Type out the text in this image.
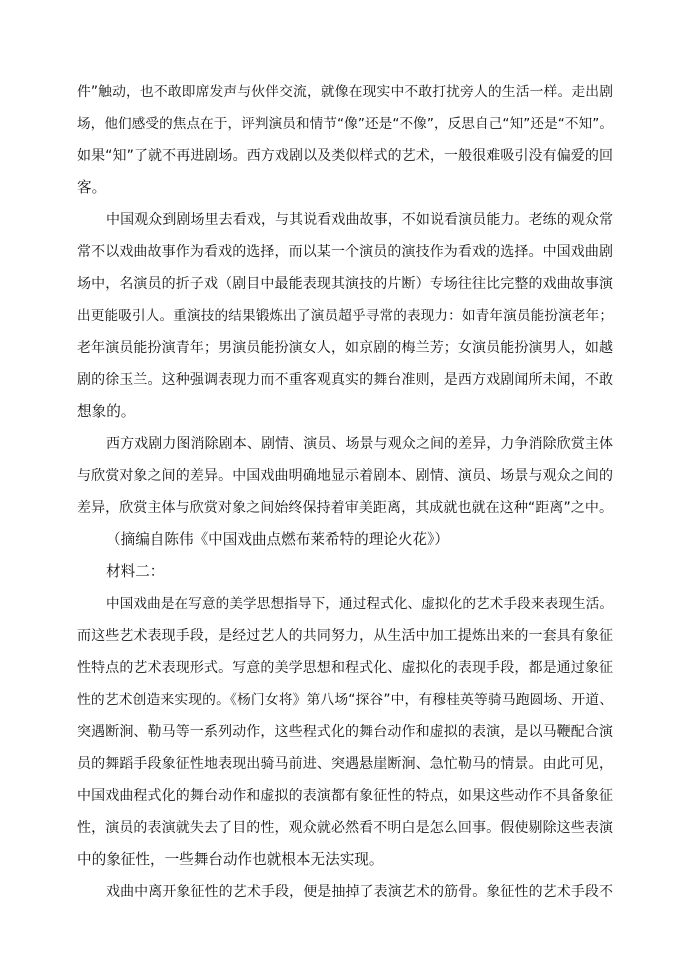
件”触动，也不敢即席发声与伙伴交流，就像在现实中不敢打扰旁人的生活一样。走出剧
场，他们感受的焦点在于，评判演员和情节“像”还是“不像”，反思自己“知”还是“不知”。
如果“知”了就不再进剧场。西方戏剧以及类似样式的艺术，一般很难吸引没有偏爱的回
客。
中国观众到剧场里去看戏，与其说看戏曲故事，不如说看演员能力。老练的观众常
常不以戏曲故事作为看戏的选择，而以某一个演员的演技作为看戏的选择。中国戏曲剧
场中，名演员的折子戏（剧目中最能表现其演技的片断）专场往往比完整的戏曲故事演
出更能吸引人。重演技的结果锻炼出了演员超乎寻常的表现力：如青年演员能扮演老年；
老年演员能扮演青年；男演员能扮演女人，如京剧的梅兰芳；女演员能扮演男人，如越
剧的徐玉兰。这种强调表现力而不重客观真实的舞台准则，是西方戏剧闻所未闻，不敢
想象的。
西方戏剧力图消除剧本、剧情、演员、场景与观众之间的差异，力争消除欣赏主体
与欣赏对象之间的差异。中国戏曲明确地显示着剧本、剧情、演员、场景与观众之间的
差异，欣赏主体与欣赏对象之间始终保持着审美距离，其成就也就在这种“距离”之中。
（摘编自陈伟《中国戏曲点燃布莱希特的理论火花》）
材料二：
中国戏曲是在写意的美学思想指导下，通过程式化、虚拟化的艺术手段来表现生活。
而这些艺术表现手段，是经过艺人的共同努力，从生活中加工提炼出来的一套具有象征
性特点的艺术表现形式。写意的美学思想和程式化、虚拟化的表现手段，都是通过象征
性的艺术创造来实现的。《杨门女将》第八场“探谷”中，有穆桂英等骑马跑圆场、开道、
突遇断涧、勒马等一系列动作，这些程式化的舞台动作和虚拟的表演，是以马鞭配合演
员的舞蹈手段象征性地表现出骑马前进、突遇悬崖断涧、急忙勒马的情景。由此可见，
中国戏曲程式化的舞台动作和虚拟的表演都有象征性的特点，如果这些动作不具备象征
性，演员的表演就失去了目的性，观众就必然看不明白是怎么回事。假使剔除这些表演
中的象征性，一些舞台动作也就根本无法实现。
戏曲中离开象征性的艺术手段，便是抽掉了表演艺术的筋骨。象征性的艺术手段不
